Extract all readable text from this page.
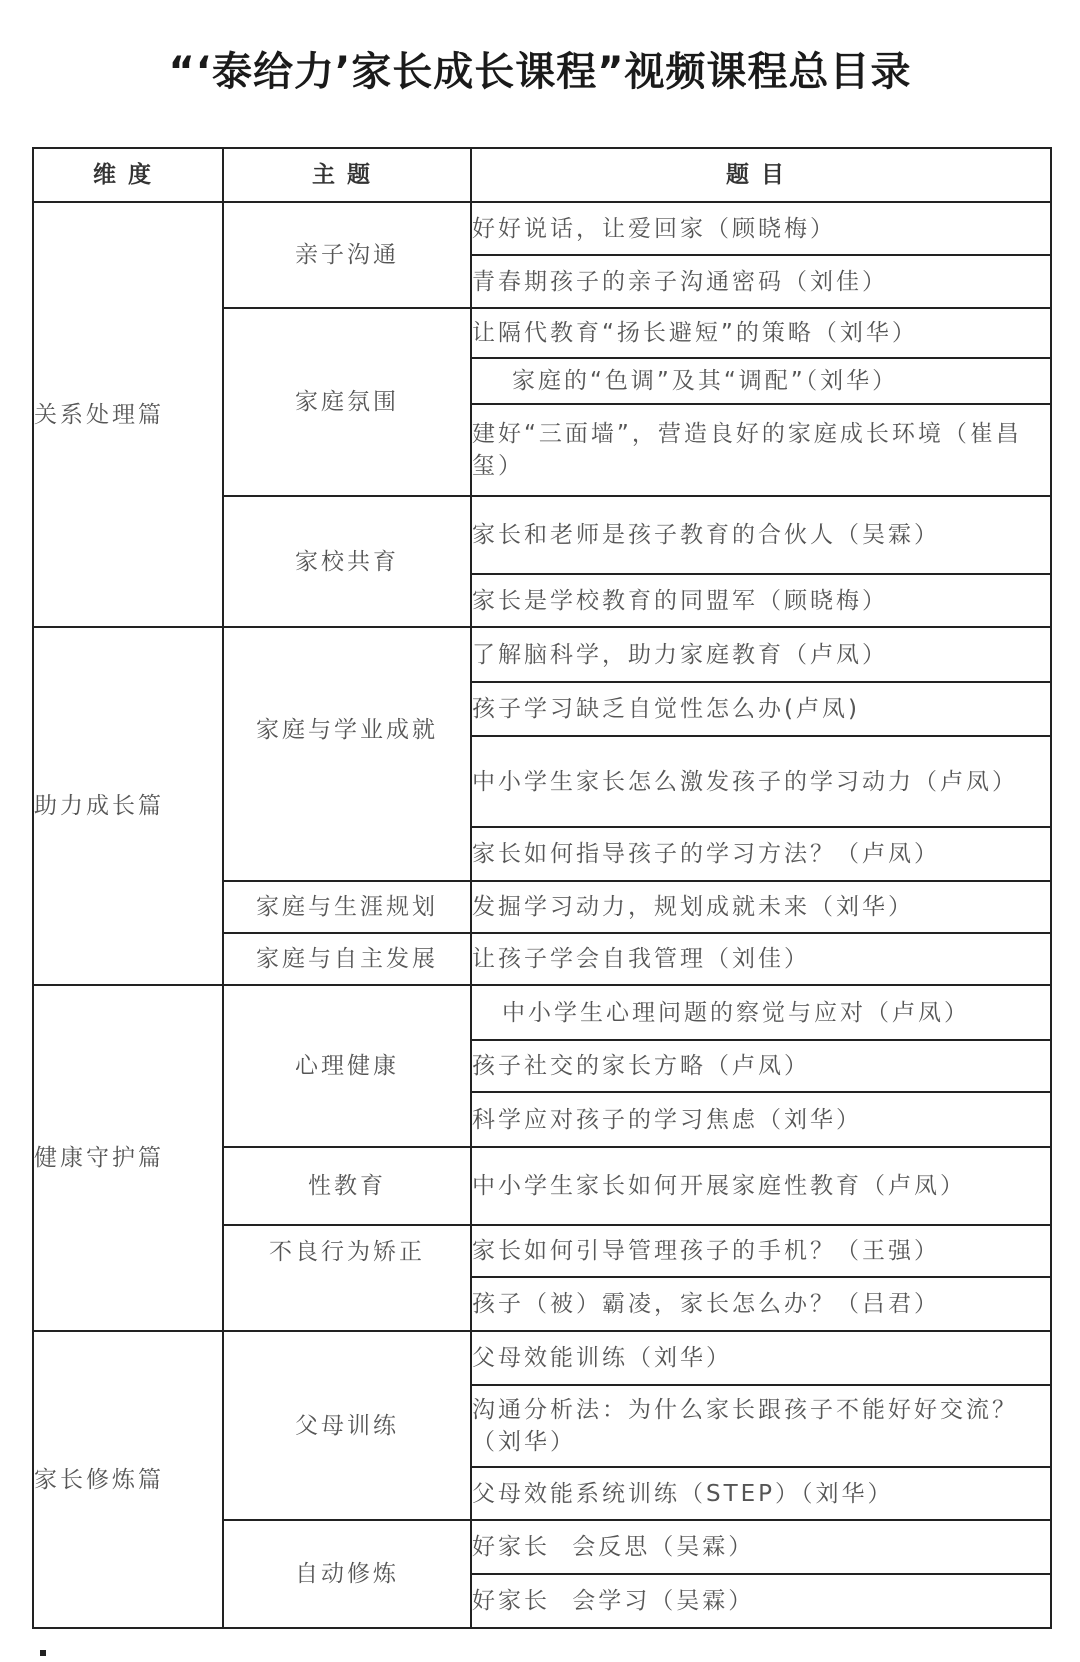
“‘泰给力’家长成长课程”视频课程总目录
维度	主题	题目
关系处理篇	亲子沟通	好好说话，让爱回家（顾晓梅）
		青春期孩子的亲子沟通密码（刘佳）
	家庭氛围	让隔代教育“扬长避短”的策略（刘华）
		家庭的“色调”及其“调配”（刘华）
		建好“三面墙”，营造良好的家庭成长环境（崔昌玺）
	家校共育	家长和老师是孩子教育的合伙人（吴霖）
		家长是学校教育的同盟军（顾晓梅）
助力成长篇	家庭与学业成就	了解脑科学，助力家庭教育（卢凤）
		孩子学习缺乏自觉性怎么办(卢凤)
		中小学生家长怎么激发孩子的学习动力（卢凤）
		家长如何指导孩子的学习方法？（卢凤）
	家庭与生涯规划	发掘学习动力，规划成就未来（刘华）
	家庭与自主发展	让孩子学会自我管理（刘佳）
健康守护篇	心理健康	中小学生心理问题的察觉与应对（卢凤）
		孩子社交的家长方略（卢凤）
		科学应对孩子的学习焦虑（刘华）
	性教育	中小学生家长如何开展家庭性教育（卢凤）
	不良行为矫正	家长如何引导管理孩子的手机？（王强）
		孩子（被）霸凌，家长怎么办？（吕君）
家长修炼篇	父母训练	父母效能训练（刘华）
		沟通分析法：为什么家长跟孩子不能好好交流？（刘华）
		父母效能系统训练（STEP）（刘华）
	自动修炼	好家长 会反思（吴霖）
		好家长 会学习（吴霖）
